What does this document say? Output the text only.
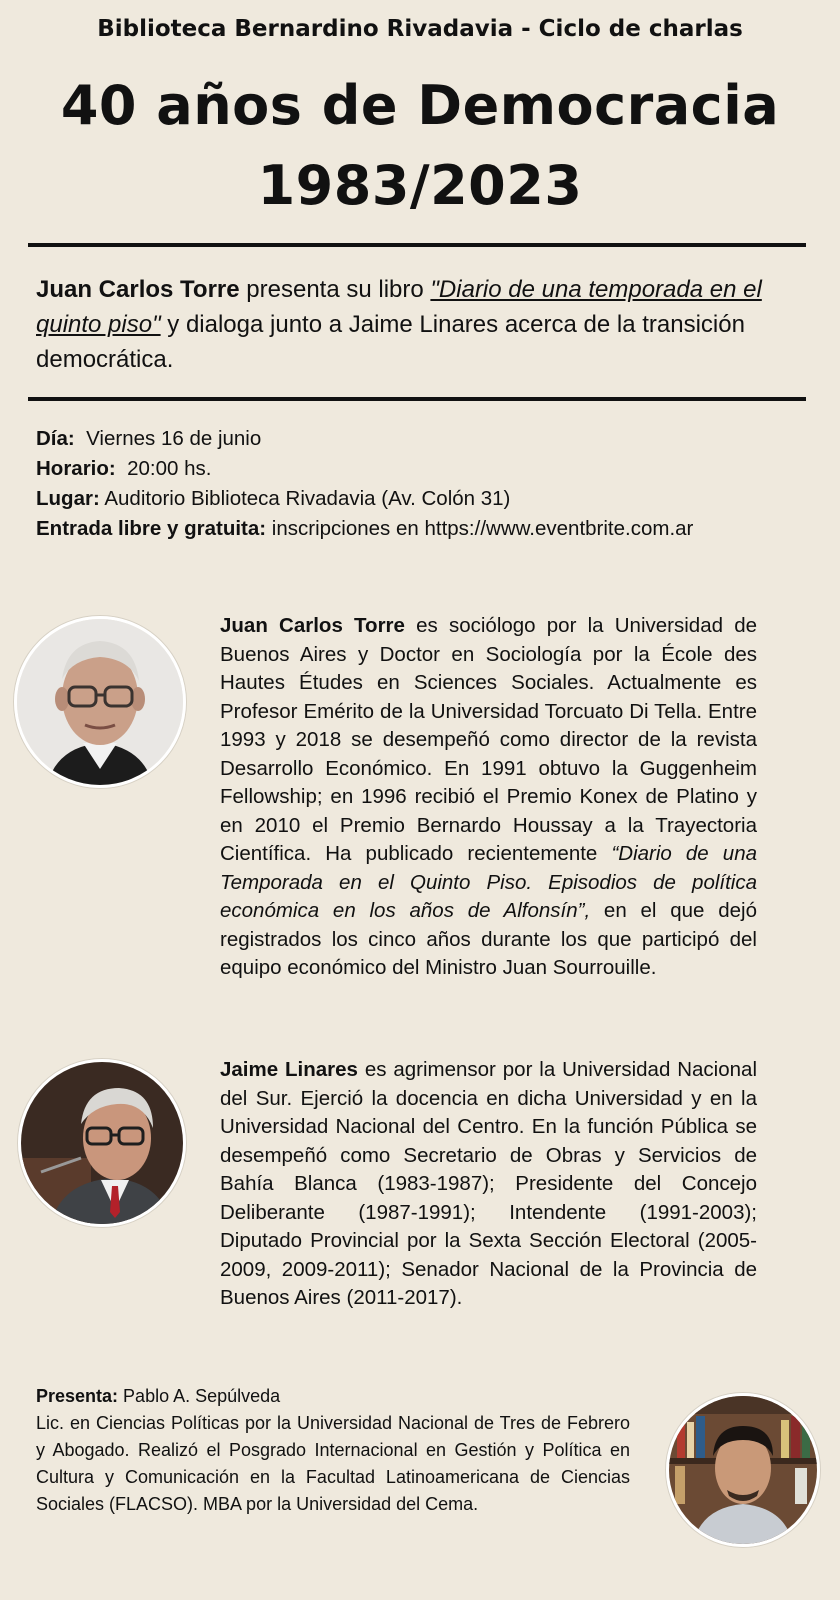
Biblioteca Bernardino Rivadavia - Ciclo de charlas
40 años de Democracia
1983/2023

Juan Carlos Torre presenta su libro "Diario de una temporada en el quinto piso" y dialoga junto a Jaime Linares acerca de la transición democrática.

Día:  Viernes 16 de junio
Horario:  20:00 hs.
Lugar: Auditorio Biblioteca Rivadavia (Av. Colón 31)
Entrada libre y gratuita: inscripciones en https://www.eventbrite.com.ar
Juan Carlos Torre es sociólogo por la Universidad de Buenos Aires y Doctor en Sociología por la École des Hautes Études en Sciences Sociales. Actualmente es Profesor Emérito de la Universidad Torcuato Di Tella. Entre 1993 y 2018 se desempeñó como director de la revista Desarrollo Económico. En 1991 obtuvo la Guggenheim Fellowship; en 1996 recibió el Premio Konex de Platino y en 2010 el Premio Bernardo Houssay a la Trayectoria Científica. Ha publicado recientemente “Diario de una Temporada en el Quinto Piso. Episodios de política económica en los años de Alfonsín”, en el que dejó registrados los cinco años durante los que participó del equipo económico del Ministro Juan Sourrouille.
Jaime Linares es agrimensor por la Universidad Nacional del Sur. Ejerció la docencia en dicha Universidad y en la Universidad Nacional del Centro. En la función Pública se desempeñó como Secretario de Obras y Servicios de Bahía Blanca (1983-1987); Presidente del Concejo Deliberante (1987-1991); Intendente (1991-2003); Diputado Provincial por la Sexta Sección Electoral (2005-2009, 2009-2011); Senador Nacional de la Provincia de Buenos Aires (2011-2017).
Presenta: Pablo A. Sepúlveda
Lic. en Ciencias Políticas por la Universidad Nacional de Tres de Febrero y Abogado. Realizó el Posgrado Internacional en Gestión y Política en Cultura y Comunicación en la Facultad Latinoamericana de Ciencias Sociales (FLACSO). MBA por la Universidad del Cema.
